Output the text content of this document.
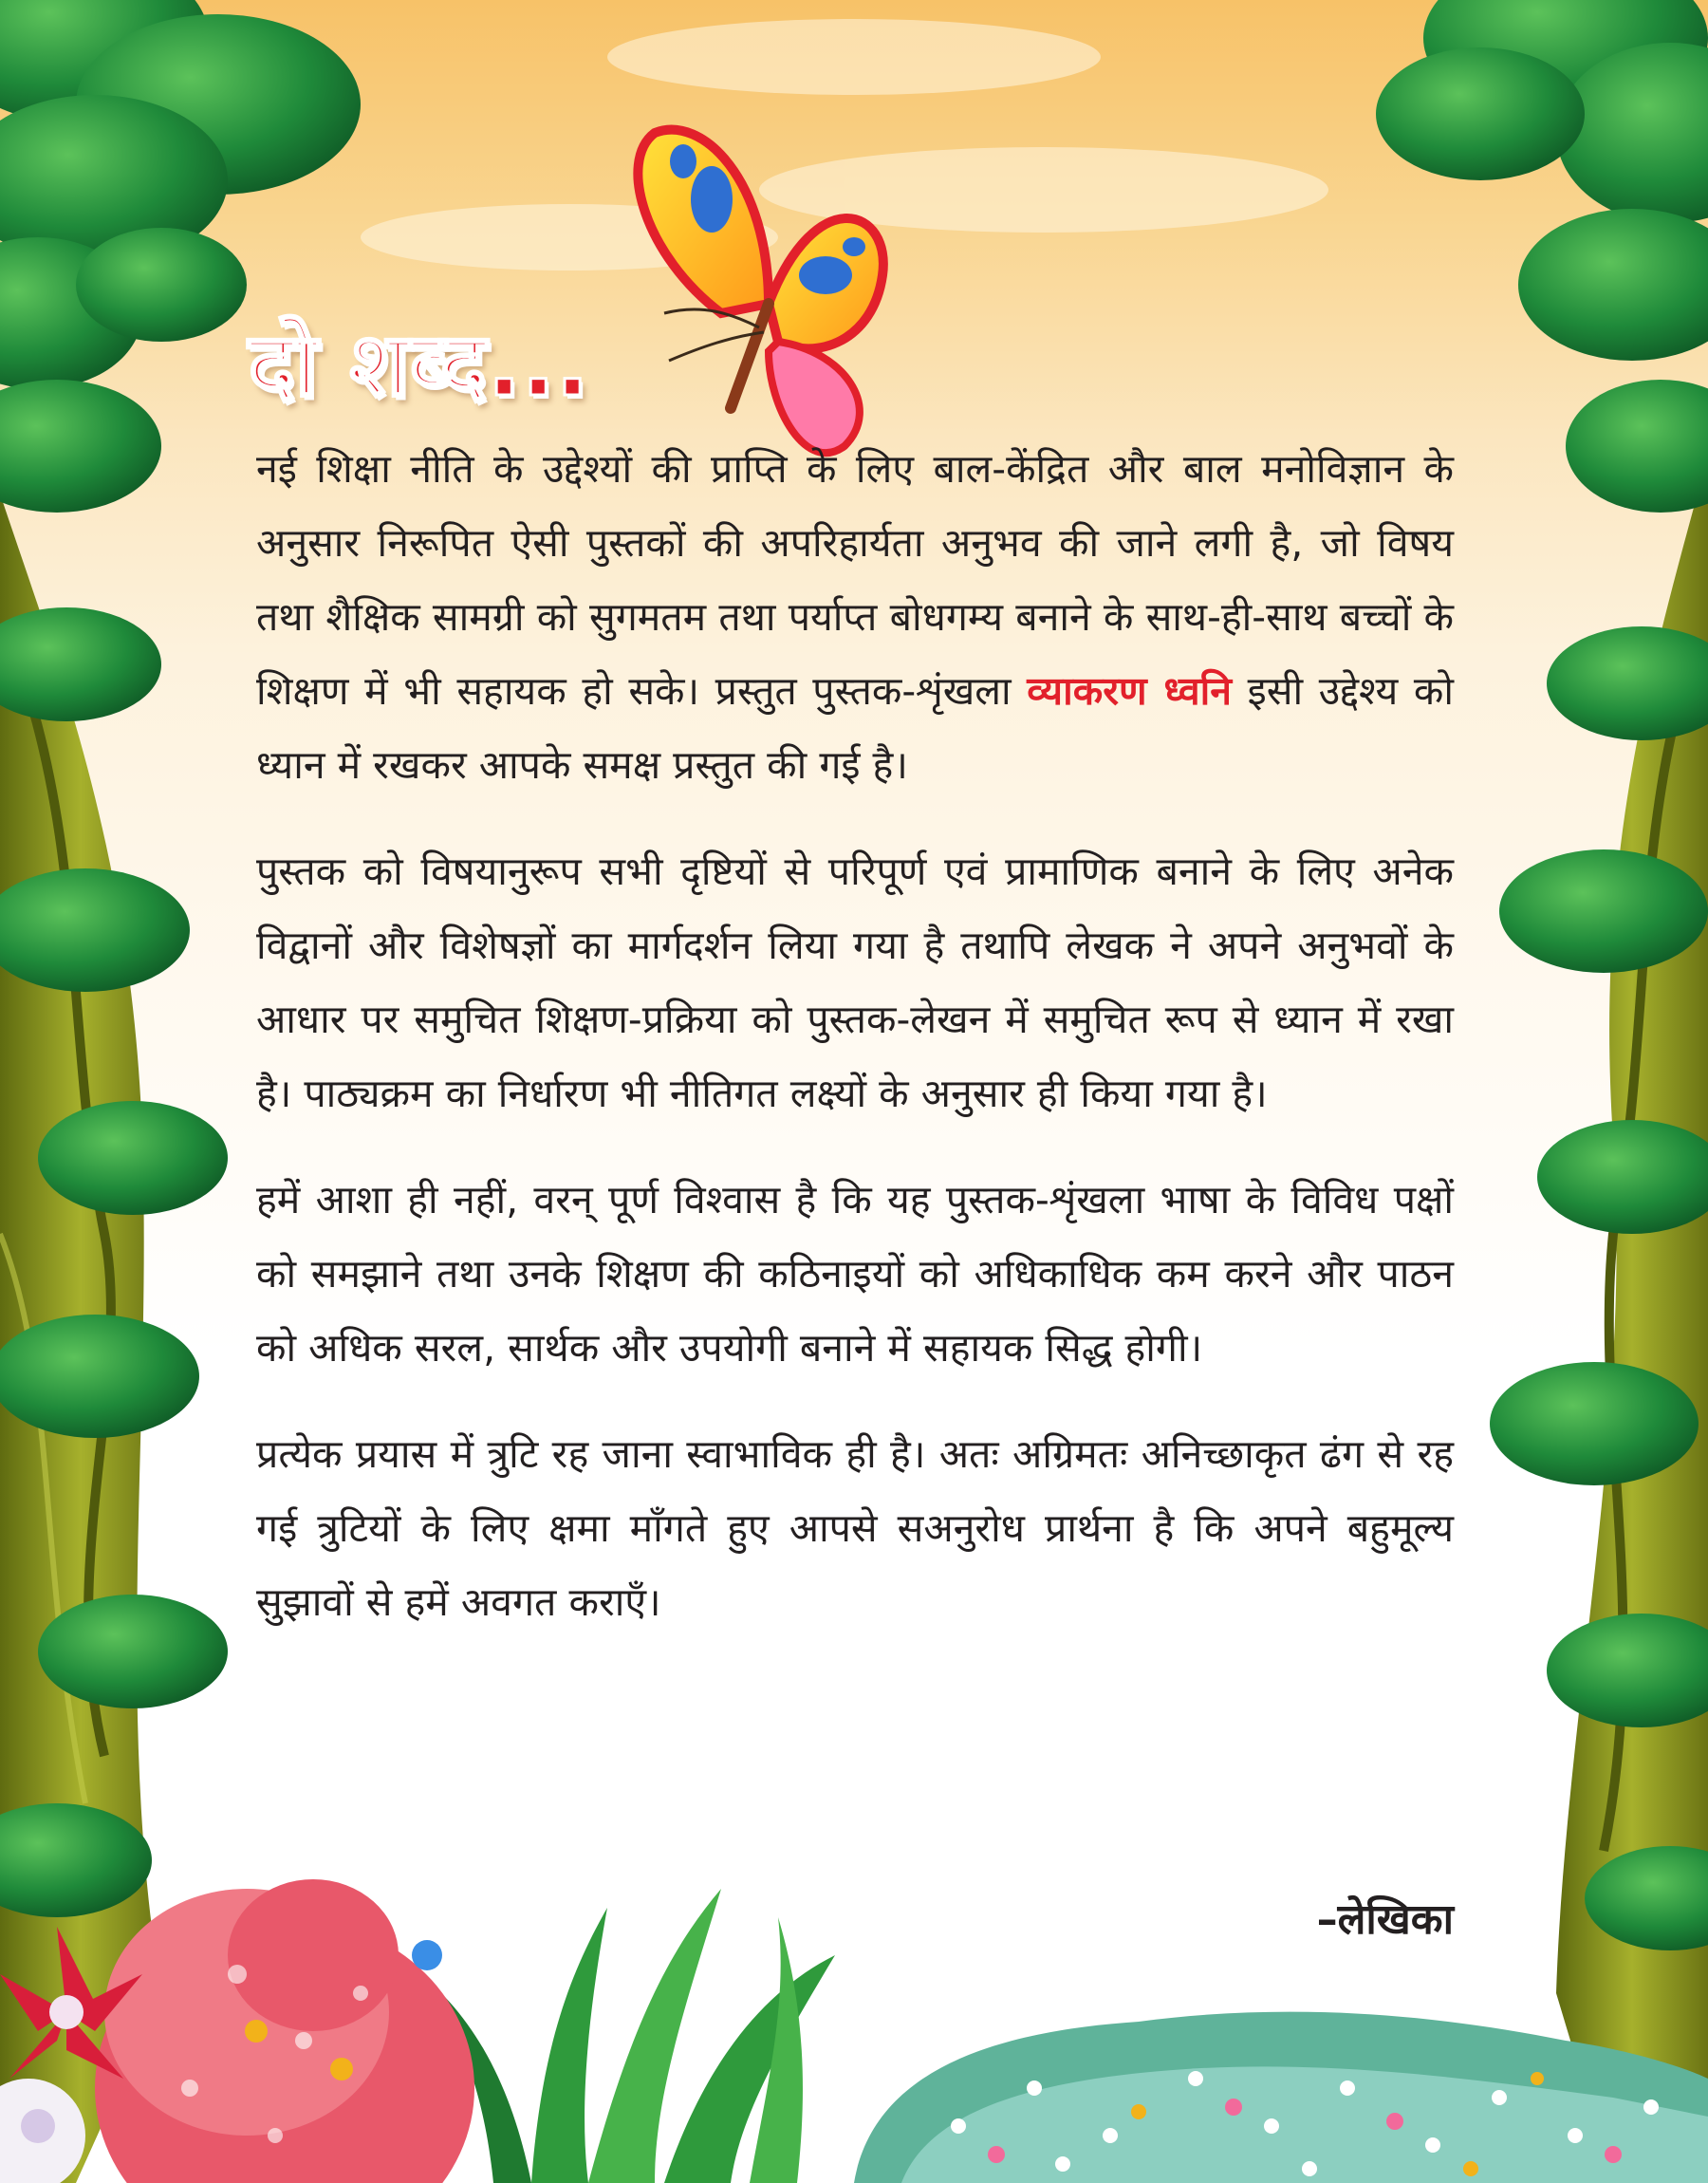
दो शब्द...

नई शिक्षा नीति के उद्देश्यों की प्राप्ति के लिए बाल-केंद्रित और बाल मनोविज्ञान के अनुसार निरूपित ऐसी पुस्तकों की अपरिहार्यता अनुभव की जाने लगी है, जो विषय तथा शैक्षिक सामग्री को सुगमतम तथा पर्याप्त बोधगम्य बनाने के साथ-ही-साथ बच्चों के शिक्षण में भी सहायक हो सके। प्रस्तुत पुस्तक-शृंखला व्याकरण ध्वनि इसी उद्देश्य को ध्यान में रखकर आपके समक्ष प्रस्तुत की गई है।

पुस्तक को विषयानुरूप सभी दृष्टियों से परिपूर्ण एवं प्रामाणिक बनाने के लिए अनेक विद्वानों और विशेषज्ञों का मार्गदर्शन लिया गया है तथापि लेखक ने अपने अनुभवों के आधार पर समुचित शिक्षण-प्रक्रिया को पुस्तक-लेखन में समुचित रूप से ध्यान में रखा है। पाठ्यक्रम का निर्धारण भी नीतिगत लक्ष्यों के अनुसार ही किया गया है।

हमें आशा ही नहीं, वरन् पूर्ण विश्वास है कि यह पुस्तक-शृंखला भाषा के विविध पक्षों को समझाने तथा उनके शिक्षण की कठिनाइयों को अधिकाधिक कम करने और पाठन को अधिक सरल, सार्थक और उपयोगी बनाने में सहायक सिद्ध होगी।

प्रत्येक प्रयास में त्रुटि रह जाना स्वाभाविक ही है। अतः अग्रिमतः अनिच्छाकृत ढंग से रह गई त्रुटियों के लिए क्षमा माँगते हुए आपसे सअनुरोध प्रार्थना है कि अपने बहुमूल्य सुझावों से हमें अवगत कराएँ।

–लेखिका
